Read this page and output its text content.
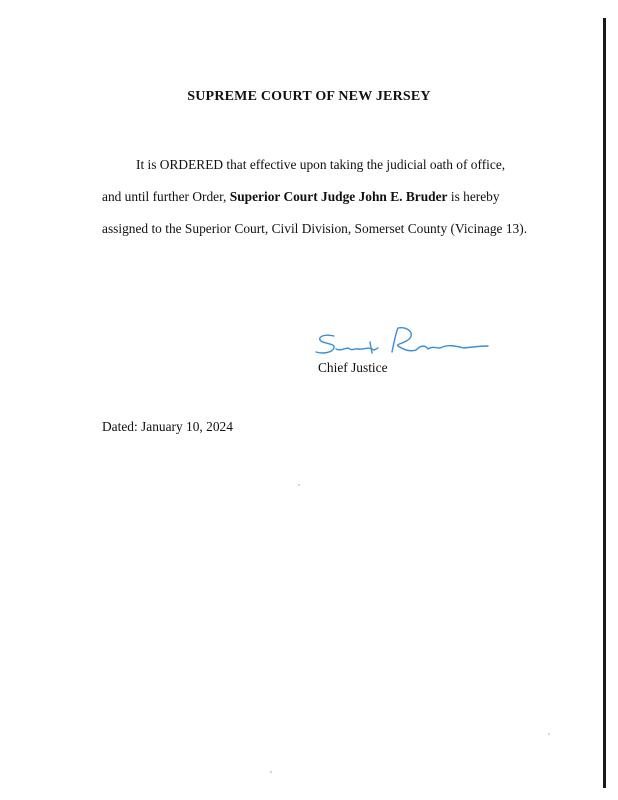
SUPREME COURT OF NEW JERSEY
It is ORDERED that effective upon taking the judicial oath of office,
and until further Order, Superior Court Judge John E. Bruder is hereby
assigned to the Superior Court, Civil Division, Somerset County (Vicinage 13).
Chief Justice
Dated: January 10, 2024
